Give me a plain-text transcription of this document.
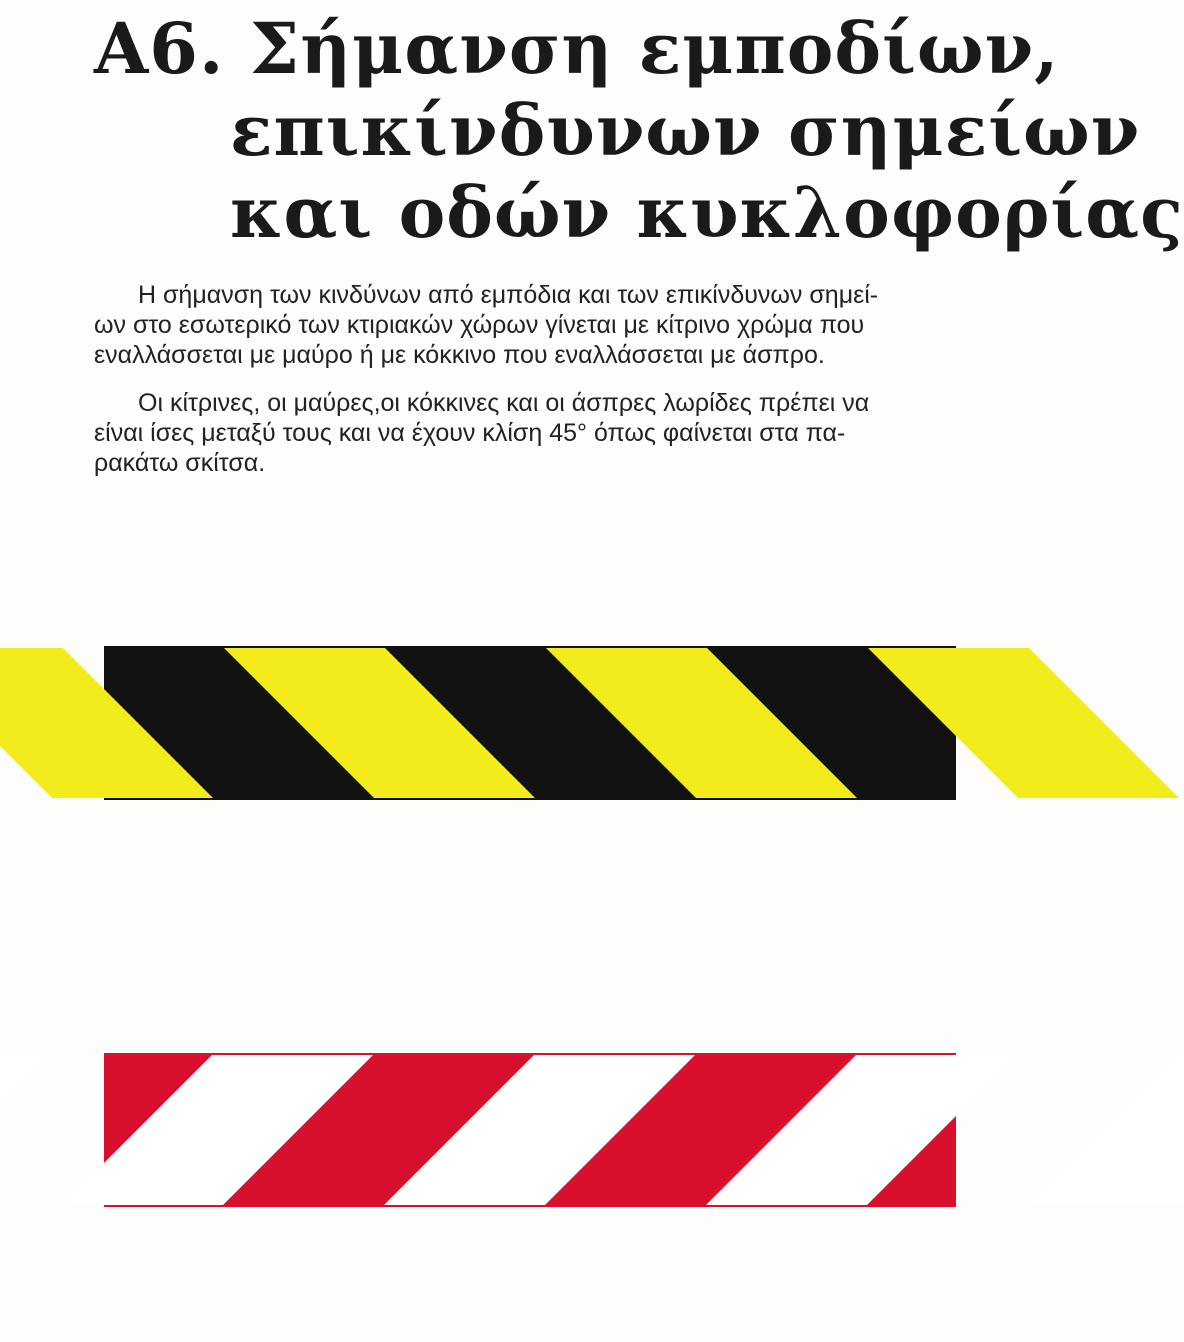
Α6. Σήμανση εμποδίων,
επικίνδυνων σημείων
και οδών κυκλοφορίας

Η σήμανση των κινδύνων από εμπόδια και των επικίνδυνων σημεί-
ων στο εσωτερικό των κτιριακών χώρων γίνεται με κίτρινο χρώμα που
εναλλάσσεται με μαύρο ή με κόκκινο που εναλλάσσεται με άσπρο.

Οι κίτρινες, οι μαύρες,οι κόκκινες και οι άσπρες λωρίδες πρέπει να
είναι ίσες μεταξύ τους και να έχουν κλίση 45° όπως φαίνεται στα πα-
ρακάτω σκίτσα.
